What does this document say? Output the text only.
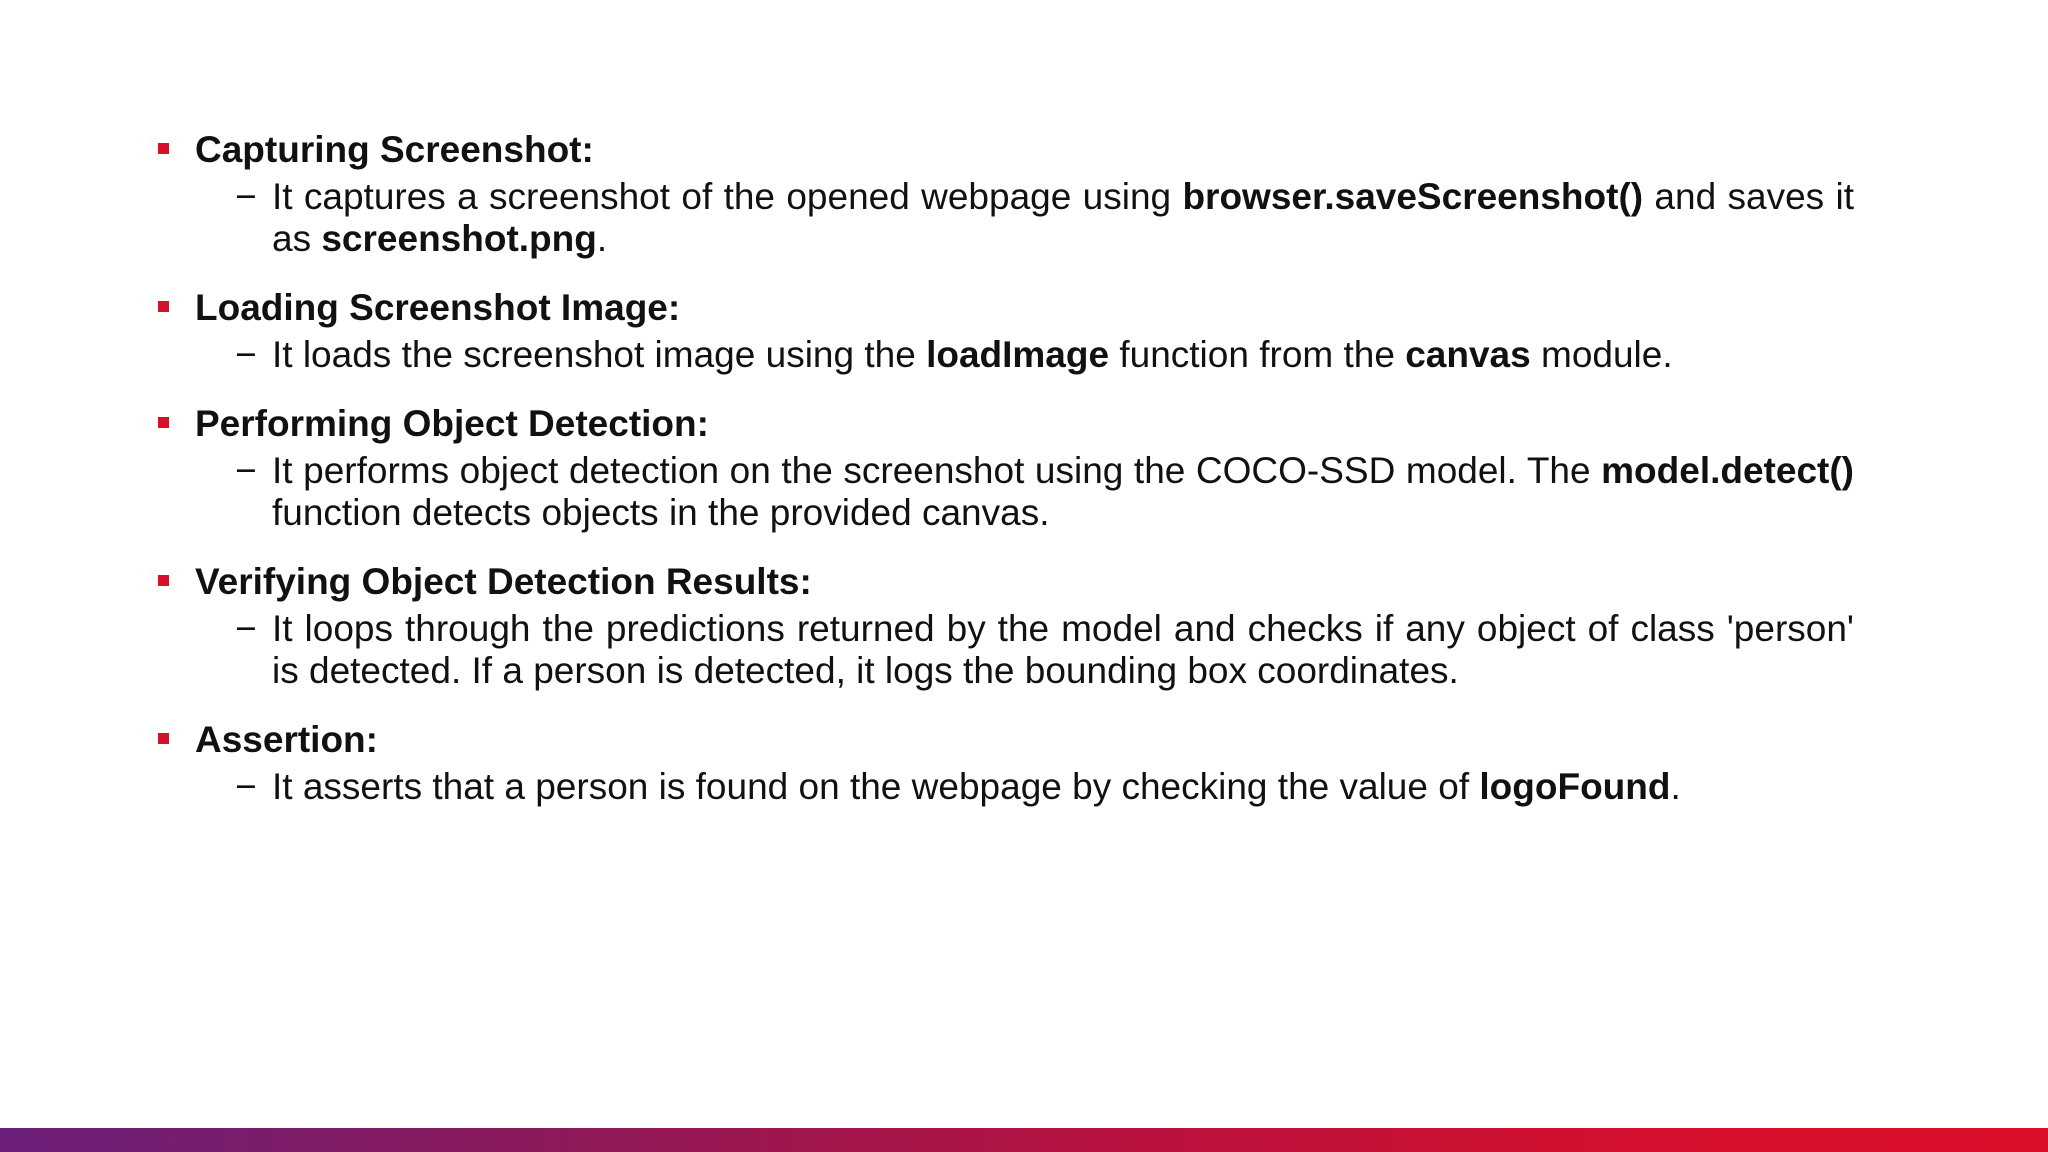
Capturing Screenshot:
− It captures a screenshot of the opened webpage using browser.saveScreenshot() and saves it as screenshot.png.
Loading Screenshot Image:
− It loads the screenshot image using the loadImage function from the canvas module.
Performing Object Detection:
− It performs object detection on the screenshot using the COCO-SSD model. The model.detect() function detects objects in the provided canvas.
Verifying Object Detection Results:
− It loops through the predictions returned by the model and checks if any object of class 'person' is detected. If a person is detected, it logs the bounding box coordinates.
Assertion:
− It asserts that a person is found on the webpage by checking the value of logoFound.
